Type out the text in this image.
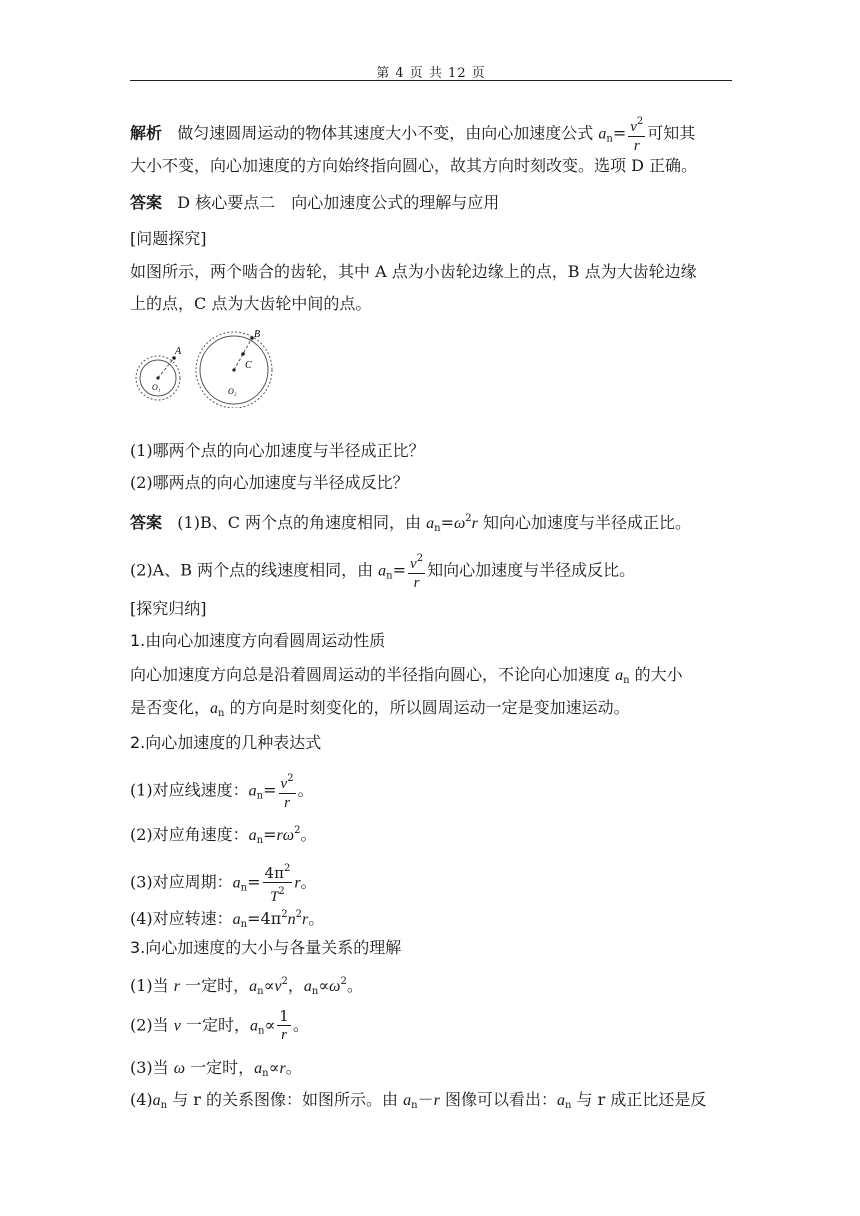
第 4 页 共 12 页
解析 做匀速圆周运动的物体其速度大小不变，由向心加速度公式 $a_n= \frac{v^2}{r}$ 可知其
大小不变，向心加速度的方向始终指向圆心，故其方向时刻改变。选项 D 正确。
答案 D 核心要点二　向心加速度公式的理解与应用
[问题探究]
如图所示，两个啮合的齿轮，其中 A 点为小齿轮边缘上的点，B 点为大齿轮边缘
上的点，C 点为大齿轮中间的点。
A
B
C
O₁	O₂
(1)哪两个点的向心加速度与半径成正比？
(2)哪两点的向心加速度与半径成反比？
答案 (1)B、C 两个点的角速度相同，由 $a_n=\omega^2r$ 知向心加速度与半径成正比。
(2)A、B 两个点的线速度相同，由 $a_n= \frac{v^2}{r}$ 知向心加速度与半径成反比。
[探究归纳]
1.由向心加速度方向看圆周运动性质
向心加速度方向总是沿着圆周运动的半径指向圆心，不论向心加速度 $a_n$ 的大小
是否变化，$a_n$ 的方向是时刻变化的，所以圆周运动一定是变加速运动。
2.向心加速度的几种表达式
(1)对应线速度：$a_n= \frac{v^2}{r}$ 。
(2)对应角速度：$a_n=r\omega^2$。
(3)对应周期：$a_n= \frac{4\pi^2}{T^2}$ r。
(4)对应转速：$a_n=4\pi^2n^2r$。
3.向心加速度的大小与各量关系的理解
(1)当 r 一定时，$a_n\propto v^2$，$a_n\propto\omega^2$。
(2)当 v 一定时，$a_n\propto \frac{1}{r}$ 。
(3)当 ω 一定时，$a_n\propto r$。
$(4)a_n$ 与 r 的关系图像：如图所示。由 $a_n-r$ 图像可以看出：$a_n$ 与 r 成正比还是反
